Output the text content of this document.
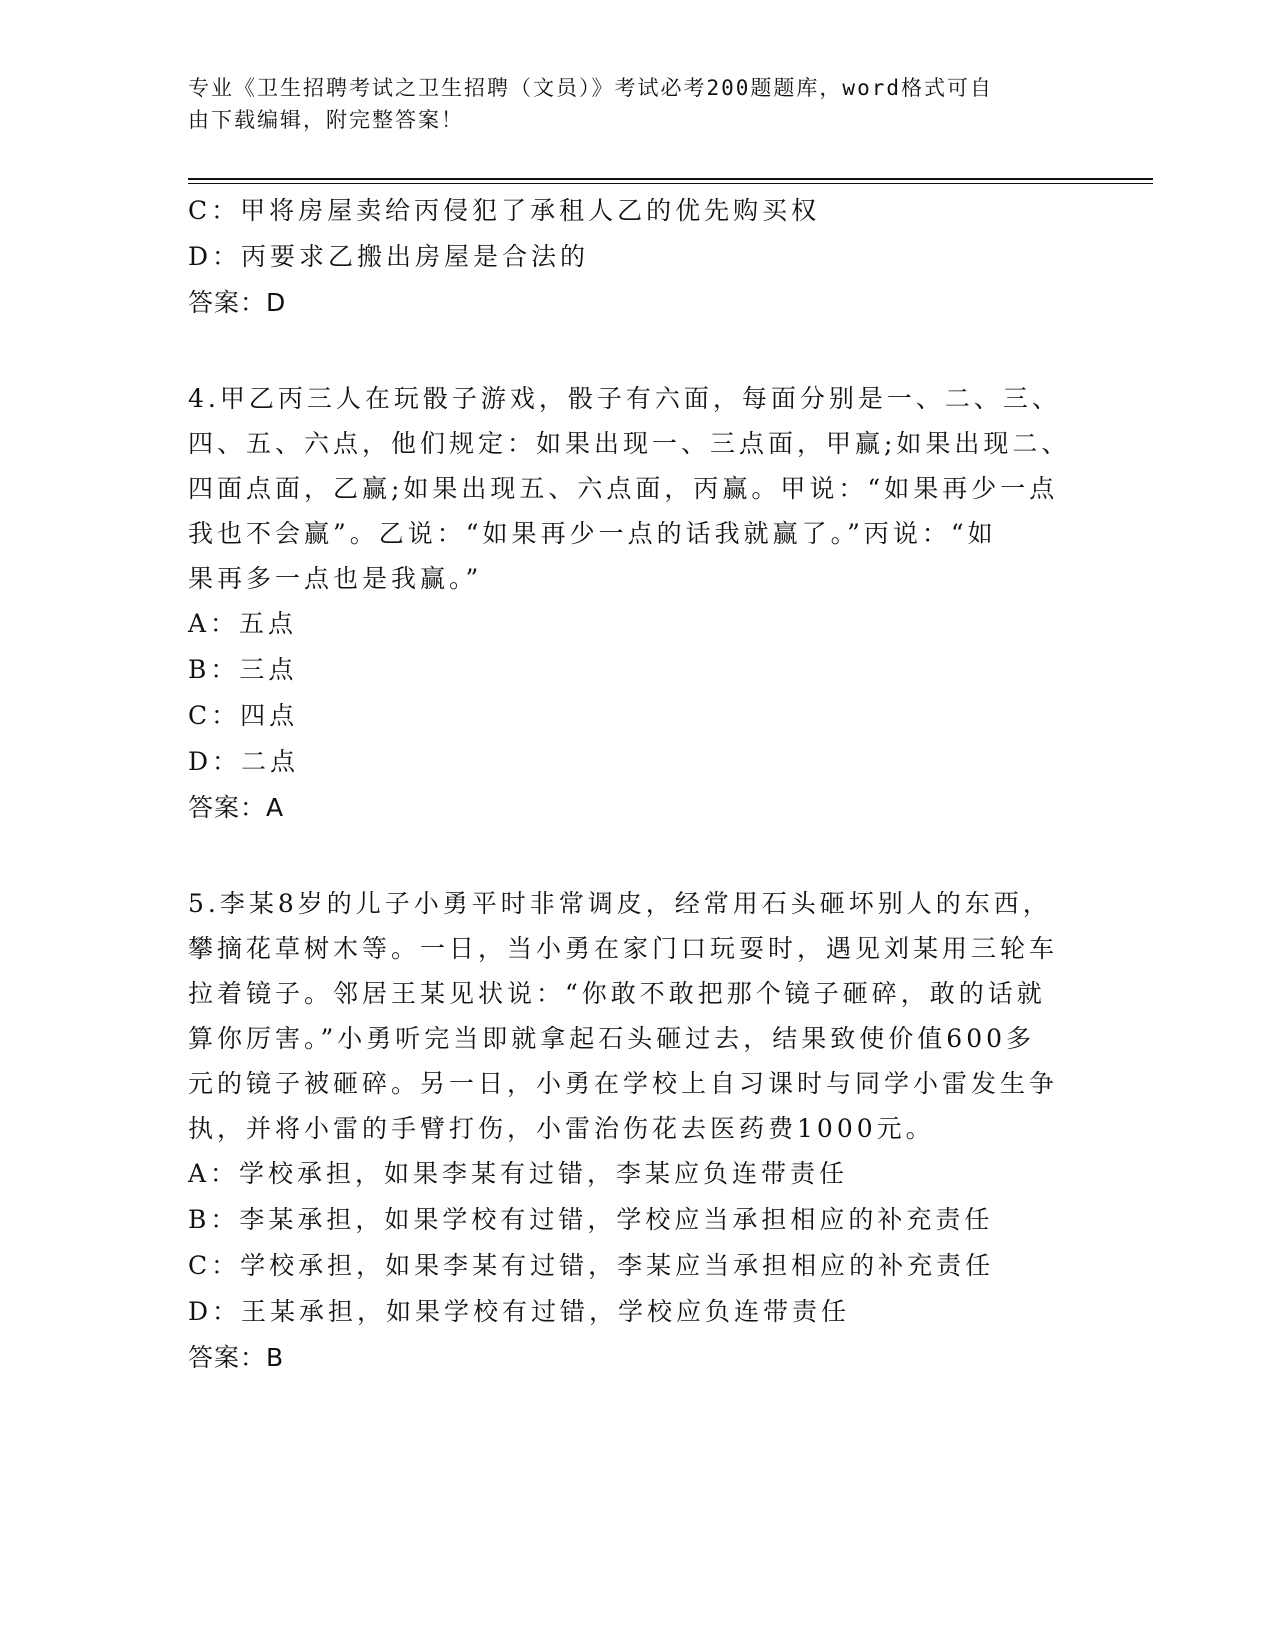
专业《卫生招聘考试之卫生招聘（文员）》考试必考200题题库，word格式可自
由下载编辑，附完整答案！
C：甲将房屋卖给丙侵犯了承租人乙的优先购买权
D：丙要求乙搬出房屋是合法的
答案：D
4.甲乙丙三人在玩骰子游戏，骰子有六面，每面分别是一、二、三、
四、五、六点，他们规定：如果出现一、三点面，甲赢;如果出现二、
四面点面，乙赢;如果出现五、六点面，丙赢。甲说：“如果再少一点
我也不会赢”。乙说：“如果再少一点的话我就赢了。”丙说：“如
果再多一点也是我赢。”
A：五点
B：三点
C：四点
D：二点
答案：A
5.李某8岁的儿子小勇平时非常调皮，经常用石头砸坏别人的东西，
攀摘花草树木等。一日，当小勇在家门口玩耍时，遇见刘某用三轮车
拉着镜子。邻居王某见状说：“你敢不敢把那个镜子砸碎，敢的话就
算你厉害。”小勇听完当即就拿起石头砸过去，结果致使价值600多
元的镜子被砸碎。另一日，小勇在学校上自习课时与同学小雷发生争
执，并将小雷的手臂打伤，小雷治伤花去医药费1000元。
A：学校承担，如果李某有过错，李某应负连带责任
B：李某承担，如果学校有过错，学校应当承担相应的补充责任
C：学校承担，如果李某有过错，李某应当承担相应的补充责任
D：王某承担，如果学校有过错，学校应负连带责任
答案：B
